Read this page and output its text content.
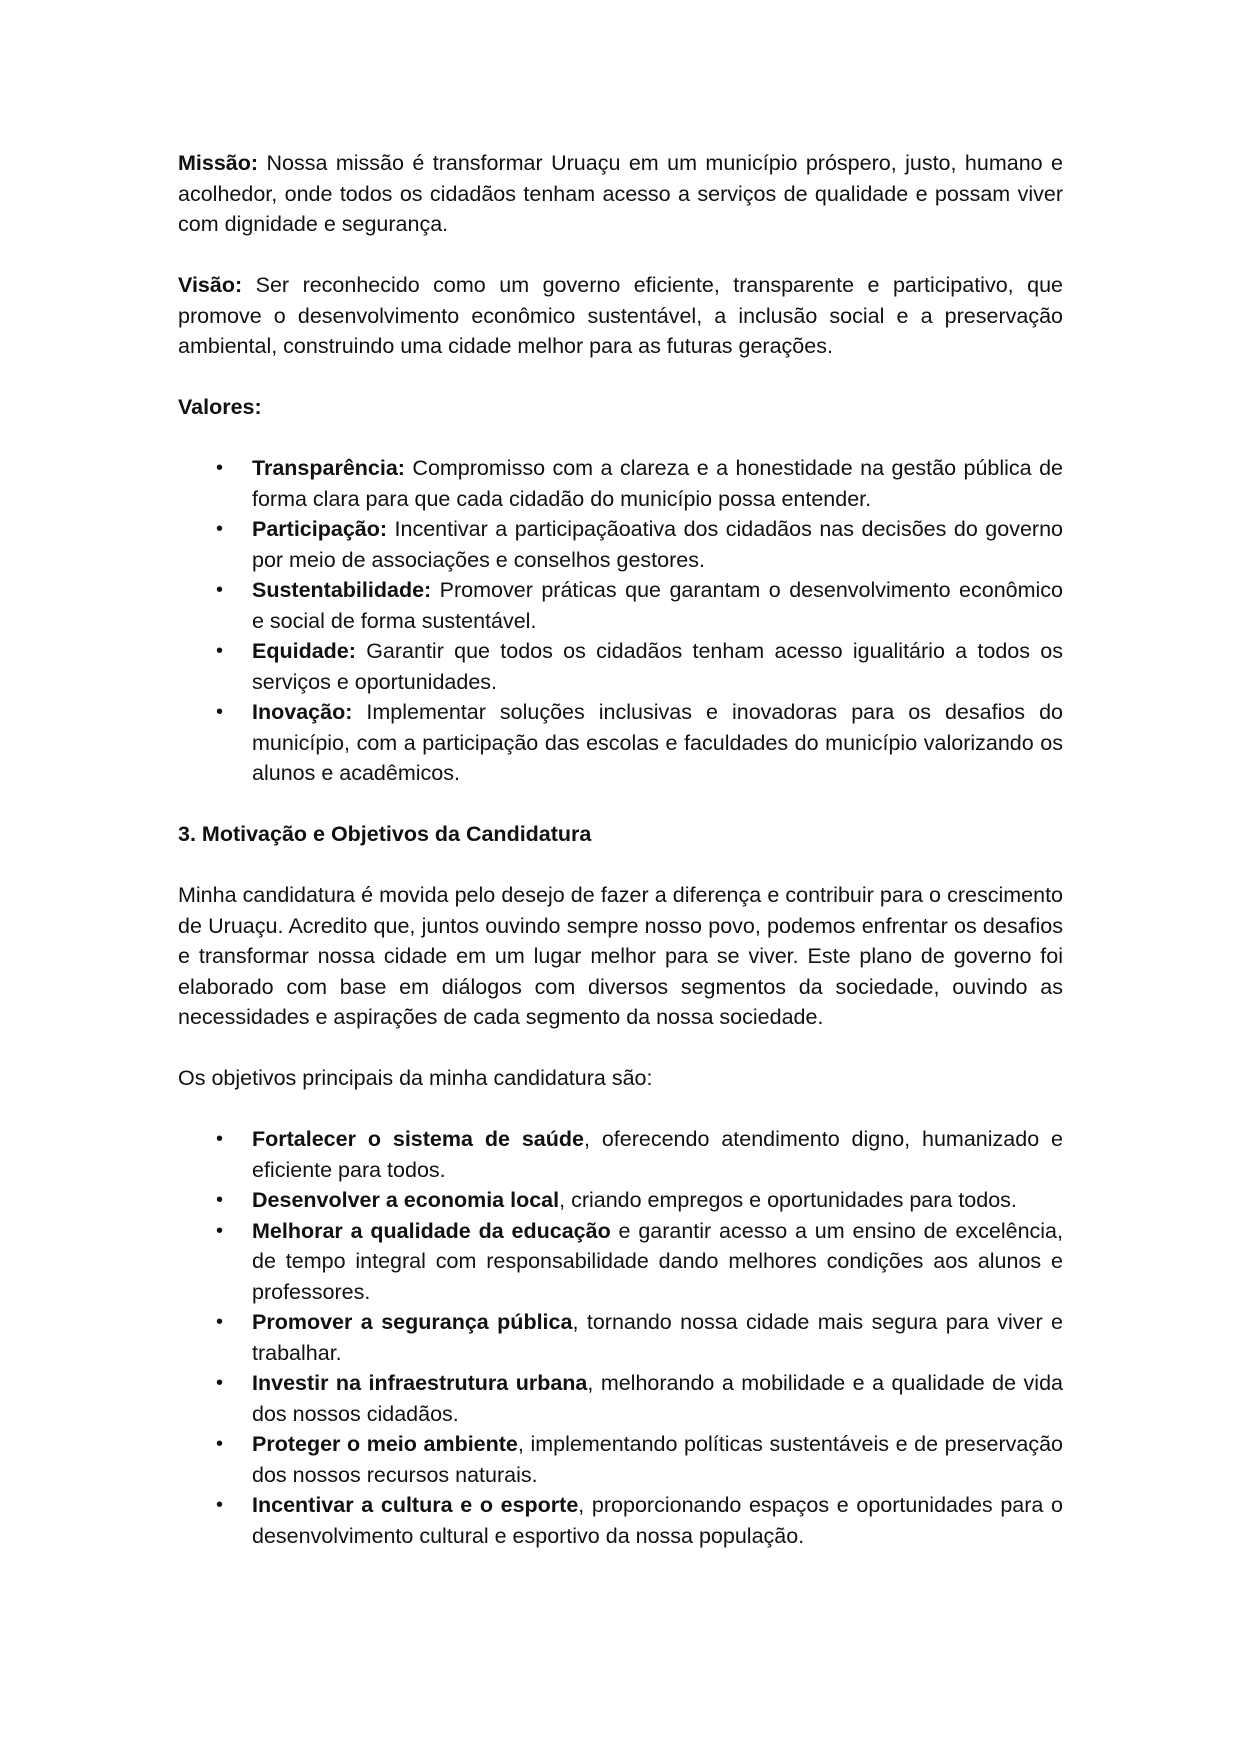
Missão: Nossa missão é transformar Uruaçu em um município próspero, justo, humano e acolhedor, onde todos os cidadãos tenham acesso a serviços de qualidade e possam viver com dignidade e segurança.

Visão: Ser reconhecido como um governo eficiente, transparente e participativo, que promove o desenvolvimento econômico sustentável, a inclusão social e a preservação ambiental, construindo uma cidade melhor para as futuras gerações.

Valores:

• Transparência: Compromisso com a clareza e a honestidade na gestão pública de forma clara para que cada cidadão do município possa entender.
• Participação: Incentivar a participaçãoativa dos cidadãos nas decisões do governo por meio de associações e conselhos gestores.
• Sustentabilidade: Promover práticas que garantam o desenvolvimento econômico e social de forma sustentável.
• Equidade: Garantir que todos os cidadãos tenham acesso igualitário a todos os serviços e oportunidades.
• Inovação: Implementar soluções inclusivas e inovadoras para os desafios do município, com a participação das escolas e faculdades do município valorizando os alunos e acadêmicos.

3. Motivação e Objetivos da Candidatura

Minha candidatura é movida pelo desejo de fazer a diferença e contribuir para o crescimento de Uruaçu. Acredito que, juntos ouvindo sempre nosso povo, podemos enfrentar os desafios e transformar nossa cidade em um lugar melhor para se viver. Este plano de governo foi elaborado com base em diálogos com diversos segmentos da sociedade, ouvindo as necessidades e aspirações de cada segmento da nossa sociedade.

Os objetivos principais da minha candidatura são:

• Fortalecer o sistema de saúde, oferecendo atendimento digno, humanizado e eficiente para todos.
• Desenvolver a economia local, criando empregos e oportunidades para todos.
• Melhorar a qualidade da educação e garantir acesso a um ensino de excelência, de tempo integral com responsabilidade dando melhores condições aos alunos e professores.
• Promover a segurança pública, tornando nossa cidade mais segura para viver e trabalhar.
• Investir na infraestrutura urbana, melhorando a mobilidade e a qualidade de vida dos nossos cidadãos.
• Proteger o meio ambiente, implementando políticas sustentáveis e de preservação dos nossos recursos naturais.
• Incentivar a cultura e o esporte, proporcionando espaços e oportunidades para o desenvolvimento cultural e esportivo da nossa população.
